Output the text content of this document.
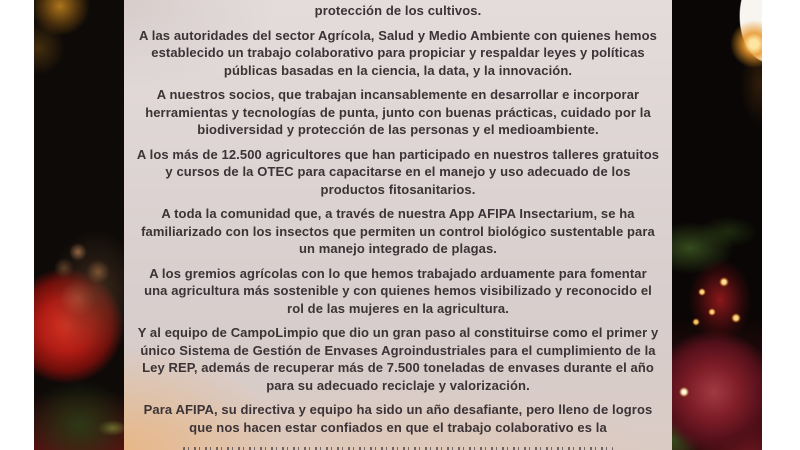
protección de los cultivos.

A las autoridades del sector Agrícola, Salud y Medio Ambiente con quienes hemos establecido un trabajo colaborativo para propiciar y respaldar leyes y políticas públicas basadas en la ciencia, la data, y la innovación.

A nuestros socios, que trabajan incansablemente en desarrollar e incorporar herramientas y tecnologías de punta, junto con buenas prácticas, cuidado por la biodiversidad y protección de las personas y el medioambiente.

A los más de 12.500 agricultores que han participado en nuestros talleres gratuitos y cursos de la OTEC para capacitarse en el manejo y uso adecuado de los productos fitosanitarios.

A toda la comunidad que, a través de nuestra App AFIPA Insectarium, se ha familiarizado con los insectos que permiten un control biológico sustentable para un manejo integrado de plagas.

A los gremios agrícolas con lo que hemos trabajado arduamente para fomentar una agricultura más sostenible y con quienes hemos visibilizado y reconocido el rol de las mujeres en la agricultura.

Y al equipo de CampoLimpio que dio un gran paso al constituirse como el primer y único Sistema de Gestión de Envases Agroindustriales para el cumplimiento de la Ley REP, además de recuperar más de 7.500 toneladas de envases durante el año para su adecuado reciclaje y valorización.

Para AFIPA, su directiva y equipo ha sido un año desafiante, pero lleno de logros que nos hacen estar confiados en que el trabajo colaborativo es la
